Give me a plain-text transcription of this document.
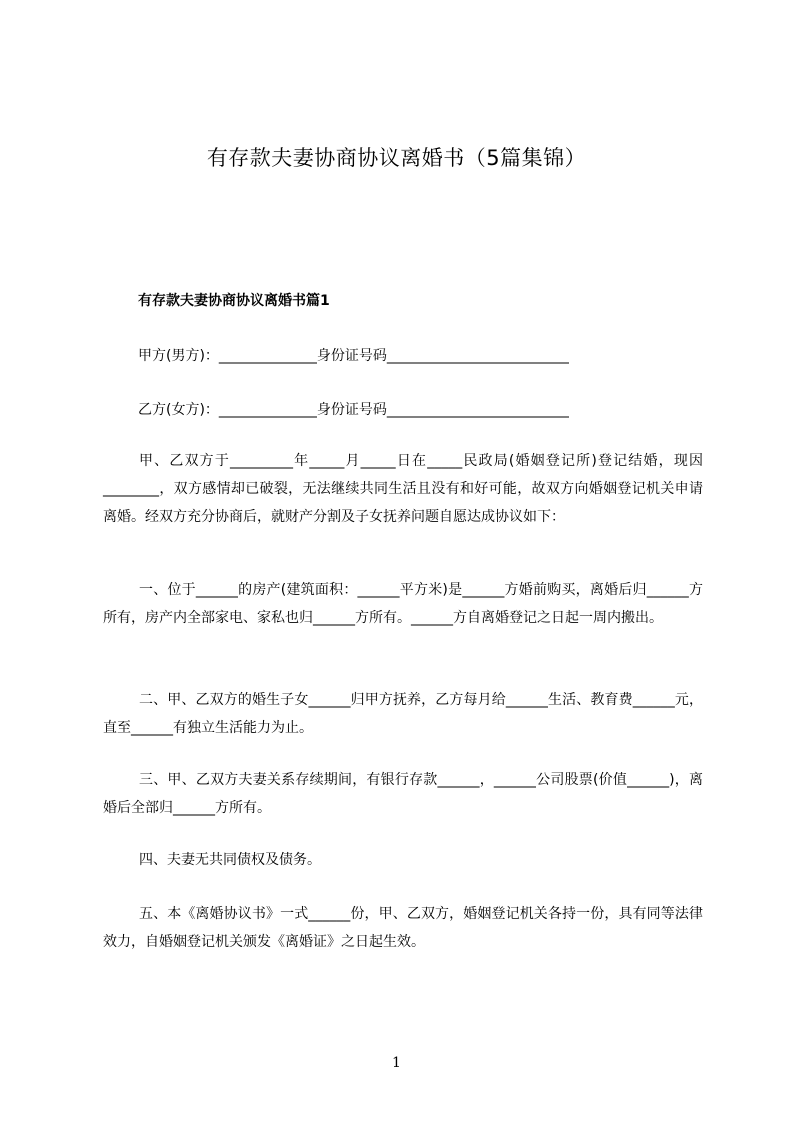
有存款夫妻协商协议离婚书（5篇集锦）
有存款夫妻协商协议离婚书篇1

甲方(男方)：______________身份证号码__________________________

乙方(女方)：______________身份证号码__________________________

甲、乙双方于_________年_____月_____日在_____民政局(婚姻登记所)登记结婚，现因________，双方感情却已破裂，无法继续共同生活且没有和好可能，故双方向婚姻登记机关申请离婚。经双方充分协商后，就财产分割及子女抚养问题自愿达成协议如下：

一、位于______的房产(建筑面积：______平方米)是______方婚前购买，离婚后归______方所有，房产内全部家电、家私也归______方所有。______方自离婚登记之日起一周内搬出。

二、甲、乙双方的婚生子女______归甲方抚养，乙方每月给______生活、教育费______元，直至______有独立生活能力为止。

三、甲、乙双方夫妻关系存续期间，有银行存款______，______公司股票(价值______)，离婚后全部归______方所有。

四、夫妻无共同债权及债务。

五、本《离婚协议书》一式______份，甲、乙双方，婚姻登记机关各持一份，具有同等法律效力，自婚姻登记机关颁发《离婚证》之日起生效。

1
